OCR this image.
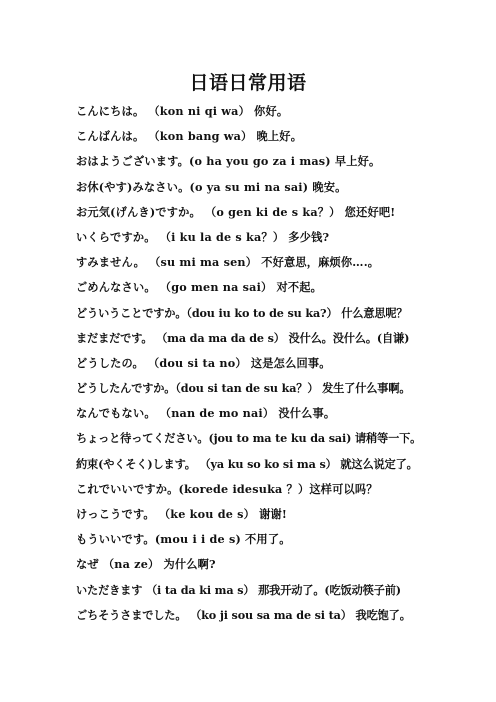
日语日常用语
こんにちは。 （kon ni qi wa） 你好。
こんばんは。 （kon bang wa） 晚上好。
おはようございます。(o ha you go za i mas) 早上好。
お休(やす)みなさい。(o ya su mi na sai) 晚安。
お元気(げんき)ですか。 （o gen ki de s ka？） 您还好吧!
いくらですか。 （i ku la de s ka？） 多少钱?
すみません。 （su mi ma sen） 不好意思，麻烦你….。
ごめんなさい。 （go men na sai） 对不起。
どういうことですか。（dou iu ko to de su ka?） 什么意思呢？
まだまだです。 （ma da ma da de s） 没什么。没什么。(自谦)
どうしたの。 （dou si ta no） 这是怎么回事。
どうしたんですか。（dou si tan de su ka？） 发生了什么事啊。
なんでもない。 （nan de mo nai） 没什么事。
ちょっと待ってください。(jou to ma te ku da sai) 请稍等一下。
約束(やくそく)します。 （ya ku so ko si ma s） 就这么说定了。
これでいいですか。(korede idesuka ？）这样可以吗？
けっこうです。 （ke kou de s） 谢谢!
もういいです。(mou i i de s) 不用了。
なぜ （na ze） 为什么啊?
いただきます （i ta da ki ma s） 那我开动了。(吃饭动筷子前)
ごちそうさまでした。 （ko ji sou sa ma de si ta） 我吃饱了。
